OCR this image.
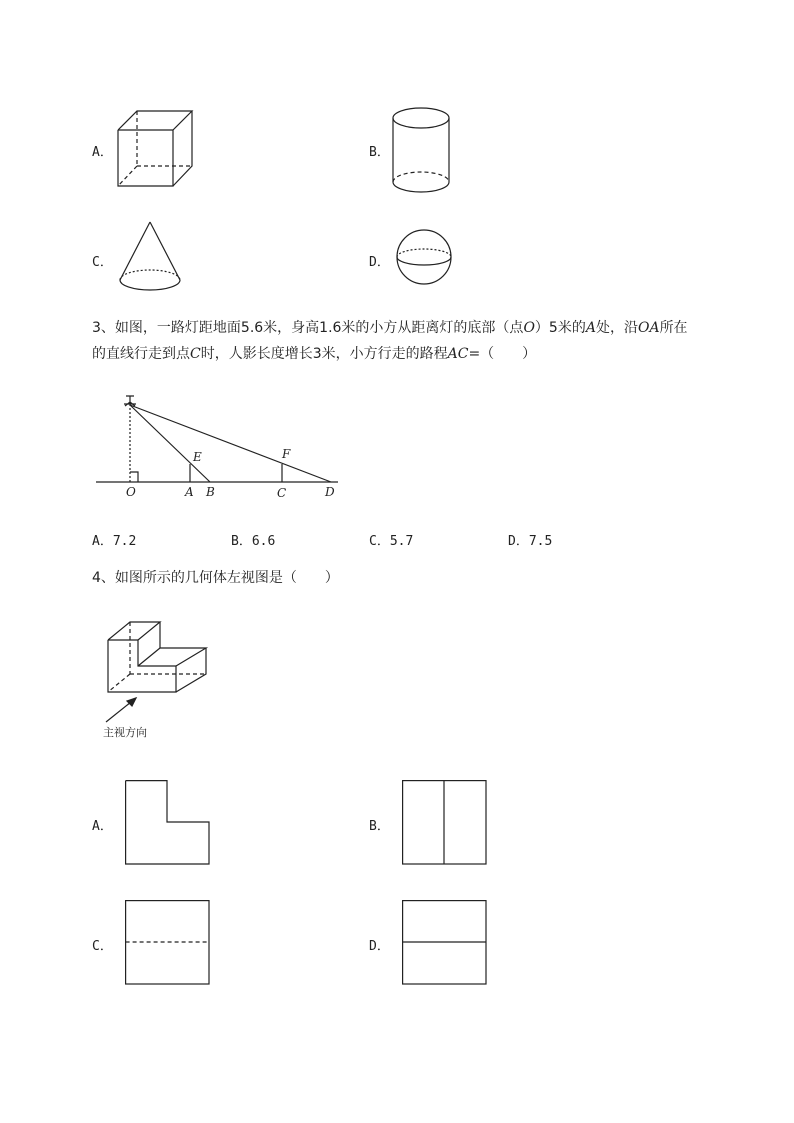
A．	B．
C．	D．
3、如图，一路灯距地面5.6米，身高1.6米的小方从距离灯的底部（点O）5米的A处，沿OA所在
的直线行走到点C时，人影长度增长3米，小方行走的路程AC=（　　）
O	A B	C	D
E	F
A．7.2	B．6.6	C．5.7	D．7.5
4、如图所示的几何体左视图是（　　）
主视方向
A．	B．
C．	D．
